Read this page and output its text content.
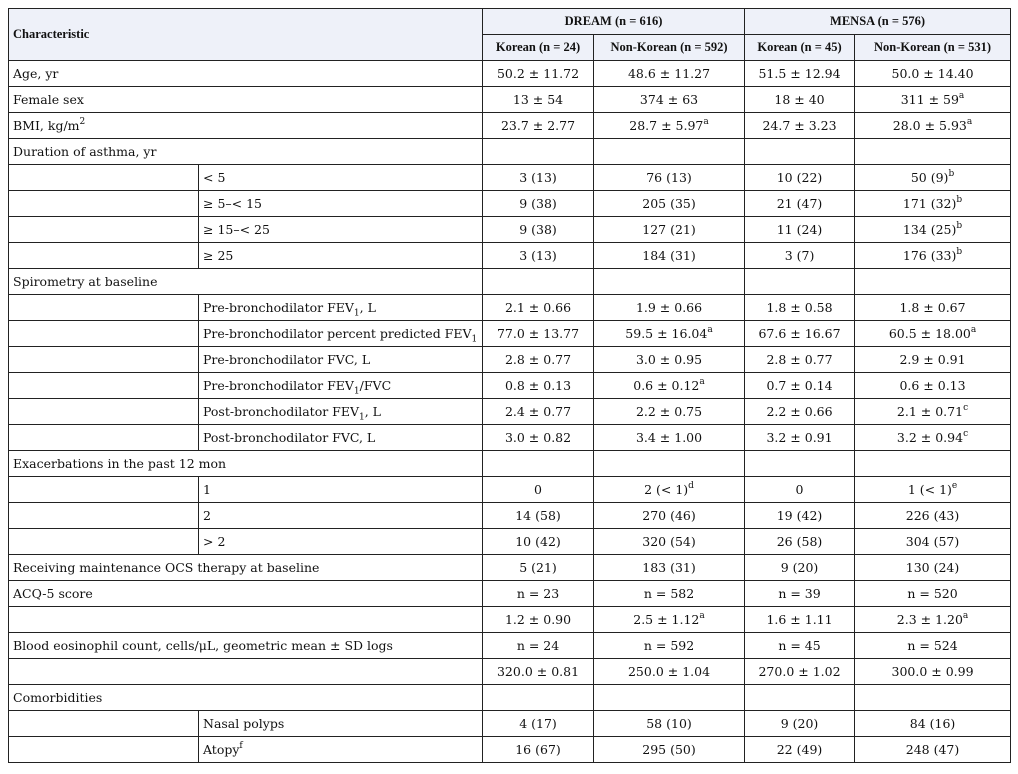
Characteristic		DREAM (n = 616)		MENSA (n = 576)	
		Korean (n = 24)	Non-Korean (n = 592)	Korean (n = 45)	Non-Korean (n = 531)
Age, yr		50.2 ± 11.72	48.6 ± 11.27	51.5 ± 12.94	50.0 ± 14.40
Female sex		13 ± 54	374 ± 63	18 ± 40	$311 \pm 59^a$
BMI, $kg/m^2$		23.7 ± 2.77	28.7 ± 5.97$^a$	24.7 ± 3.23	28.0 ± 5.93$^a$
Duration of asthma, yr					
	< 5	3 (13)	76 (13)	10 (22)	50 $(9)^b$
	≥ 5–< 15	9 (38)	205 (35)	21 (47)	171 $(32)^b$
	≥ 15–< 25	9 (38)	127 (21)	11 (24)	134 $(25)^b$
	≥ 25	3 (13)	184 (31)	3 (7)	176 $(33)^b$
Spirometry at baseline					
	Pre-bronchodilator $FEV_1$, L	2.1 ± 0.66	1.9 ± 0.66	1.8 ± 0.58	1.8 ± 0.67
	Pre-bronchodilator percent predicted $FEV_1$	77.0 ± 13.77	59.5 ± 16.04$^a$	67.6 ± 16.67	60.5 ± 18.00$^a$
	Pre-bronchodilator FVC, L	2.8 ± 0.77	3.0 ± 0.95	2.8 ± 0.77	2.9 ± 0.91
	Pre-bronchodilator $FEV_1$/FVC	0.8 ± 0.13	0.6 ± 0.12$^a$	0.7 ± 0.14	0.6 ± 0.13
	Post-bronchodilator $FEV_1$, L	2.4 ± 0.77	2.2 ± 0.75	2.2 ± 0.66	2.1 ± 0.71$^c$
	Post-bronchodilator FVC, L	3.0 ± 0.82	3.4 ± 1.00	3.2 ± 0.91	3.2 ± 0.94$^c$
Exacerbations in the past 12 mon					
	1	0	2 (< 1)$^d$	0	1 (< 1)$^e$
	2	14 (58)	270 (46)	19 (42)	226 (43)
	> 2	10 (42)	320 (54)	26 (58)	304 (57)
Receiving maintenance OCS therapy at baseline		5 (21)	183 (31)	9 (20)	130 (24)
ACQ-5 score		n = 23	n = 582	n = 39	n = 520
		1.2 ± 0.90	2.5 ± 1.12$^a$	1.6 ± 1.11	2.3 ± 1.20$^a$
Blood eosinophil count, cells/μL, geometric mean ± SD logs		n = 24	n = 592	n = 45	n = 524
		320.0 ± 0.81	250.0 ± 1.04	270.0 ± 1.02	300.0 ± 0.99
Comorbidities					
	Nasal polyps	4 (17)	58 (10)	9 (20)	84 (16)
	Atopy$^f$	16 (67)	295 (50)	22 (49)	248 (47)
